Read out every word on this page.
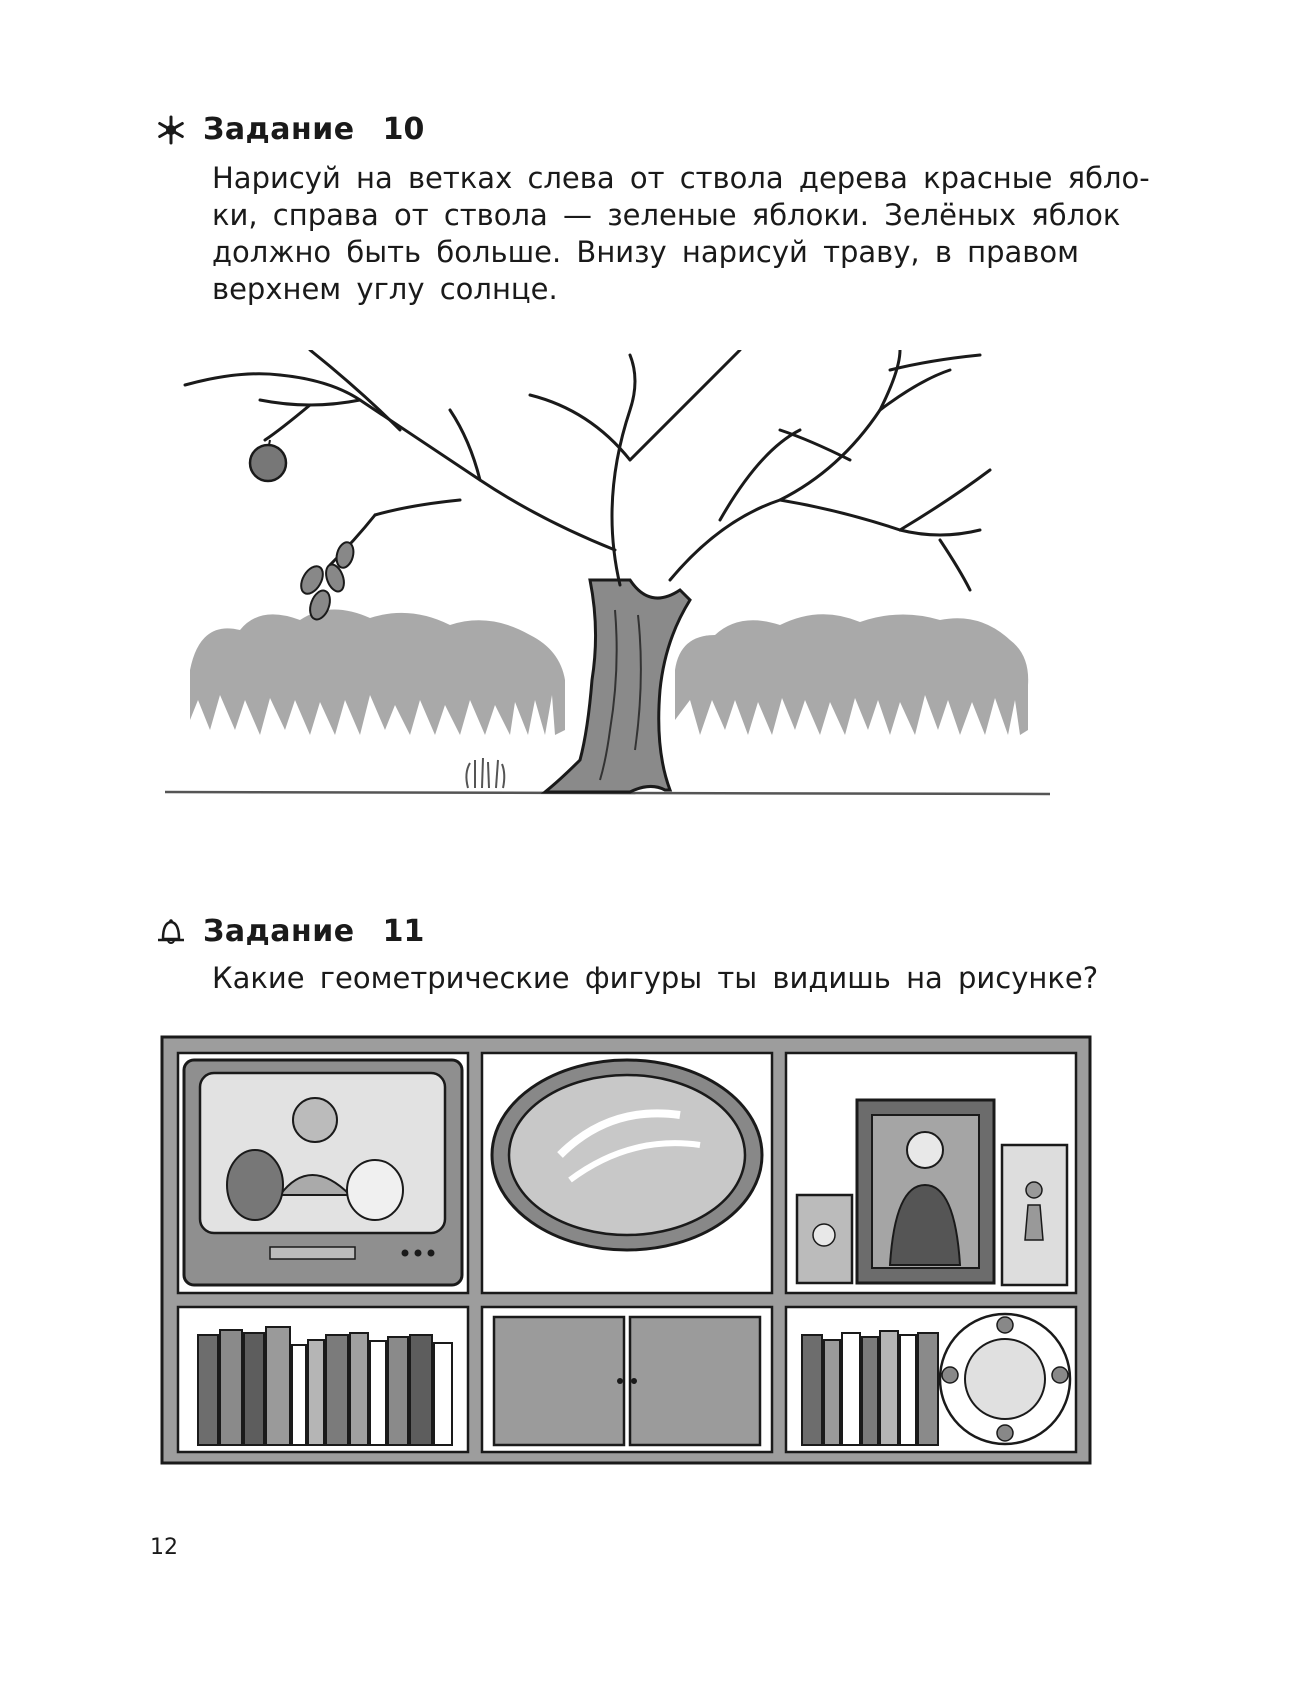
Задание 10
Нарисуй на ветках слева от ствола дерева красные ябло-
ки, справа от ствола — зеленые яблоки. Зелёных яблок
должно быть больше. Внизу нарисуй траву, в правом
верхнем углу солнце.
Задание 11
Какие геометрические фигуры ты видишь на рисунке?
12
